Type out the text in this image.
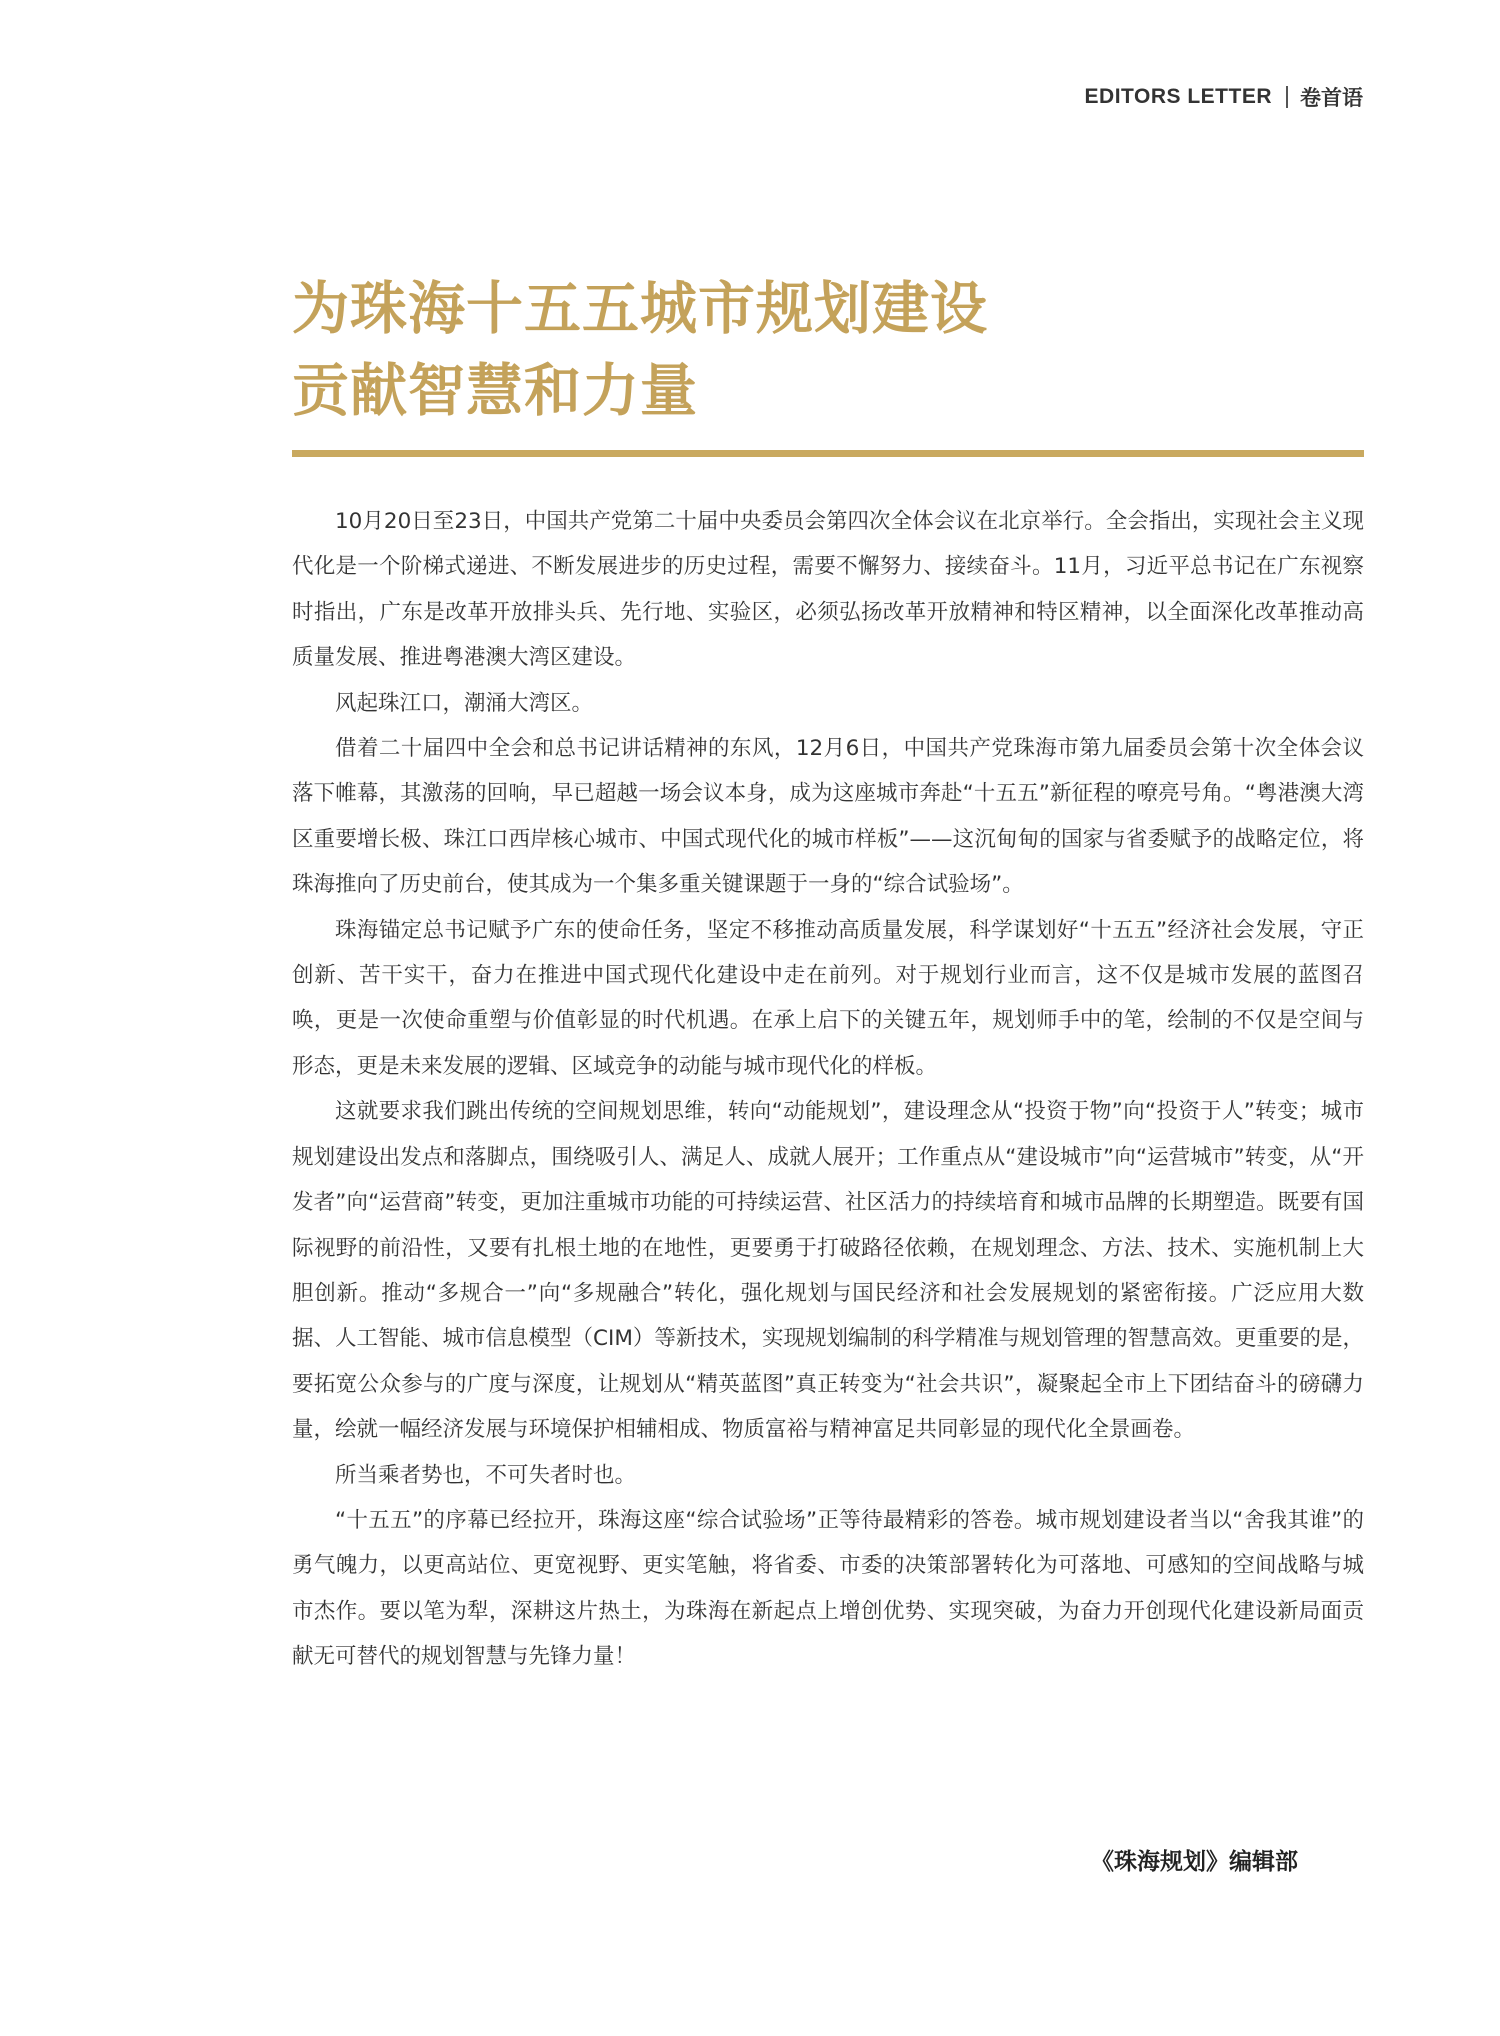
EDITORS LETTER 卷首语
为珠海十五五城市规划建设
贡献智慧和力量

10月20日至23日，中国共产党第二十届中央委员会第四次全体会议在北京举行。全会指出，实现社会主义现代化是一个阶梯式递进、不断发展进步的历史过程，需要不懈努力、接续奋斗。11月，习近平总书记在广东视察时指出，广东是改革开放排头兵、先行地、实验区，必须弘扬改革开放精神和特区精神，以全面深化改革推动高质量发展、推进粤港澳大湾区建设。

风起珠江口，潮涌大湾区。

借着二十届四中全会和总书记讲话精神的东风，12月6日，中国共产党珠海市第九届委员会第十次全体会议落下帷幕，其激荡的回响，早已超越一场会议本身，成为这座城市奔赴“十五五”新征程的嘹亮号角。“粤港澳大湾区重要增长极、珠江口西岸核心城市、中国式现代化的城市样板”——这沉甸甸的国家与省委赋予的战略定位，将珠海推向了历史前台，使其成为一个集多重关键课题于一身的“综合试验场”。

珠海锚定总书记赋予广东的使命任务，坚定不移推动高质量发展，科学谋划好“十五五”经济社会发展，守正创新、苦干实干，奋力在推进中国式现代化建设中走在前列。对于规划行业而言，这不仅是城市发展的蓝图召唤，更是一次使命重塑与价值彰显的时代机遇。在承上启下的关键五年，规划师手中的笔，绘制的不仅是空间与形态，更是未来发展的逻辑、区域竞争的动能与城市现代化的样板。

这就要求我们跳出传统的空间规划思维，转向“动能规划”，建设理念从“投资于物”向“投资于人”转变；城市规划建设出发点和落脚点，围绕吸引人、满足人、成就人展开；工作重点从“建设城市”向“运营城市”转变，从“开发者”向“运营商”转变，更加注重城市功能的可持续运营、社区活力的持续培育和城市品牌的长期塑造。既要有国际视野的前沿性，又要有扎根土地的在地性，更要勇于打破路径依赖，在规划理念、方法、技术、实施机制上大胆创新。推动“多规合一”向“多规融合”转化，强化规划与国民经济和社会发展规划的紧密衔接。广泛应用大数据、人工智能、城市信息模型（CIM）等新技术，实现规划编制的科学精准与规划管理的智慧高效。更重要的是，要拓宽公众参与的广度与深度，让规划从“精英蓝图”真正转变为“社会共识”，凝聚起全市上下团结奋斗的磅礴力量，绘就一幅经济发展与环境保护相辅相成、物质富裕与精神富足共同彰显的现代化全景画卷。

所当乘者势也，不可失者时也。

“十五五”的序幕已经拉开，珠海这座“综合试验场”正等待最精彩的答卷。城市规划建设者当以“舍我其谁”的勇气魄力，以更高站位、更宽视野、更实笔触，将省委、市委的决策部署转化为可落地、可感知的空间战略与城市杰作。要以笔为犁，深耕这片热土，为珠海在新起点上增创优势、实现突破，为奋力开创现代化建设新局面贡献无可替代的规划智慧与先锋力量！

《珠海规划》编辑部
